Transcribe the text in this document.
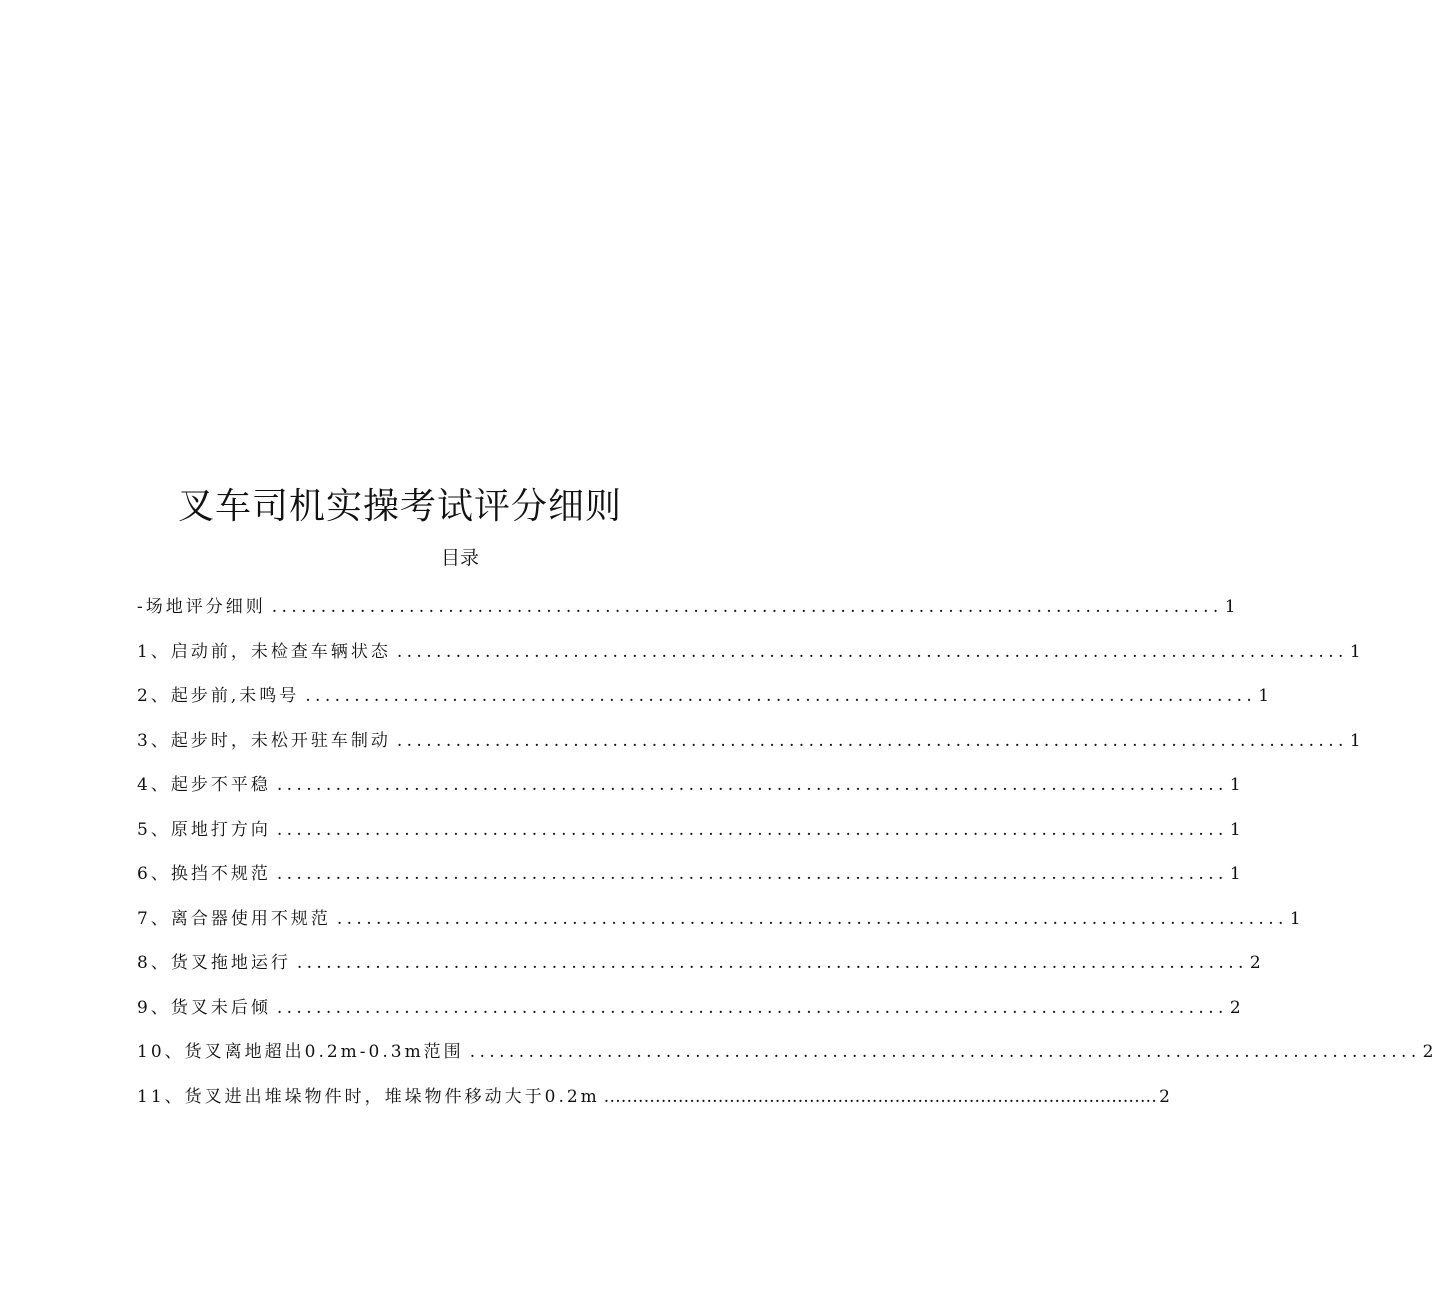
叉车司机实操考试评分细则
目录
-场地评分细则 ................................................................................................. 1
1、启动前，未检查车辆状态 ................................................................................................. 1
2、起步前,未鸣号 ................................................................................................. 1
3、起步时，未松开驻车制动 ................................................................................................. 1
4、起步不平稳 ................................................................................................. 1
5、原地打方向 ................................................................................................. 1
6、换挡不规范 ................................................................................................. 1
7、离合器使用不规范 ................................................................................................. 1
8、货叉拖地运行 ................................................................................................. 2
9、货叉未后倾 ................................................................................................. 2
10、货叉离地超出0.2m-0.3m范围 ................................................................................................. 2
11、货叉进出堆垛物件时，堆垛物件移动大于0.2m ................................................................................................. 2
